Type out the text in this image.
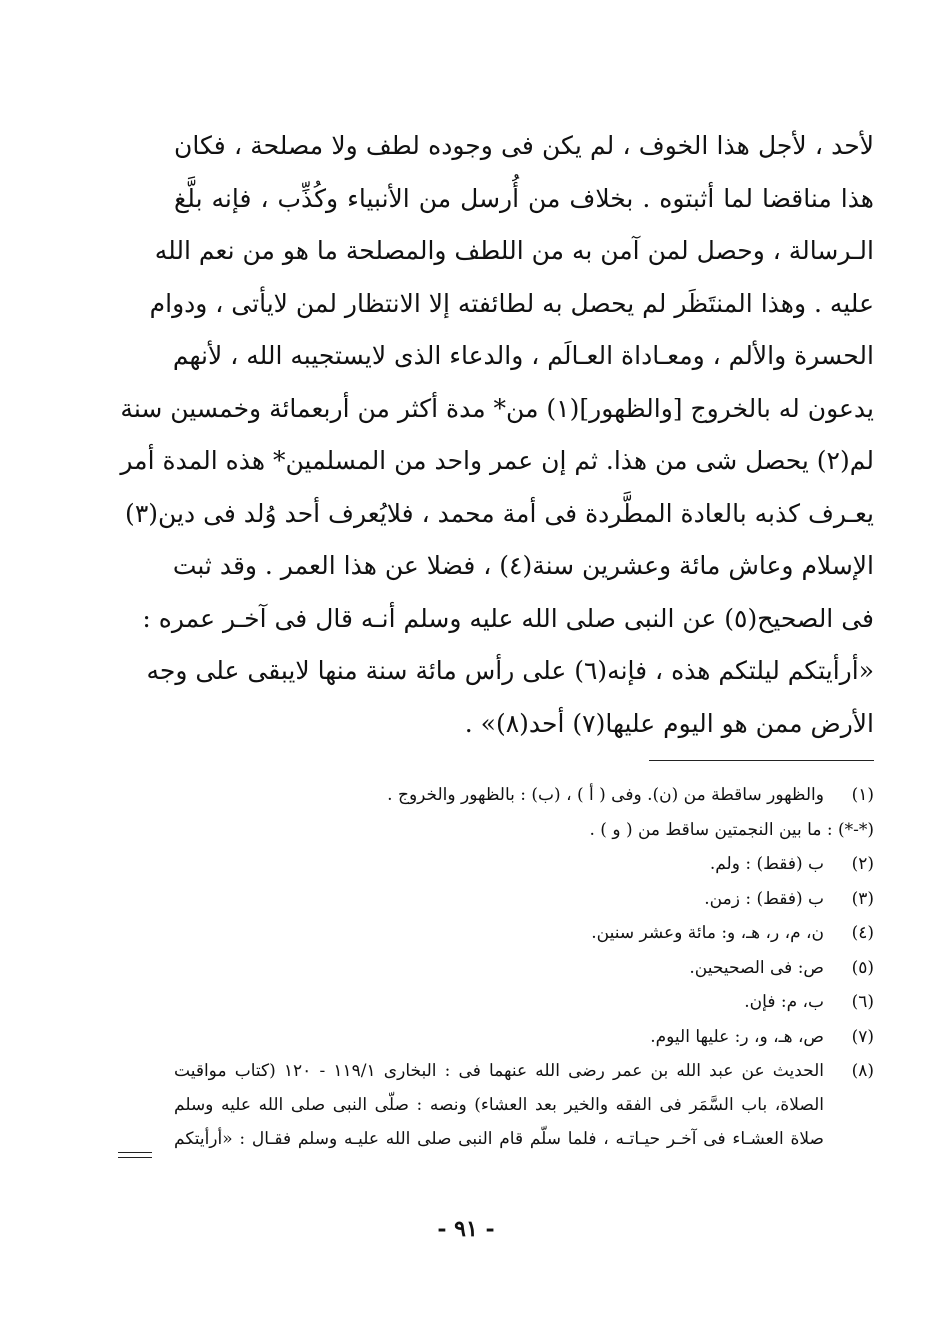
لأحد ، لأجل هذا الخوف ، لم يكن فى وجوده لطف ولا مصلحة ، فكان
هذا مناقضا لما أثبتوه . بخلاف من أُرسل من الأنبياء وكُذِّب ، فإنه بلَّغ
الـرسالة ، وحصل لمن آمن به من اللطف والمصلحة ما هو من نعم الله
عليه . وهذا المنتَظَر لم يحصل به لطائفته إلا الانتظار لمن لايأتى ، ودوام
الحسرة والألم ، ومعـاداة العـالَم ، والدعاء الذى لايستجيبه الله ، لأنهم
يدعون له بالخروج [والظهور](١) من* مدة أكثر من أربعمائة وخمسين سنة
لم(٢) يحصل شى من هذا. ثم إن عمر واحد من المسلمين* هذه المدة أمر
يعـرف كذبه بالعادة المطَّردة فى أمة محمد ، فلايُعرف أحد وُلد فى دين(٣)
الإسلام وعاش مائة وعشرين سنة(٤) ، فضلا عن هذا العمر . وقد ثبت
فى الصحيح(٥) عن النبى صلى الله عليه وسلم أنـه قال فى آخـر عمره :
«أرأيتكم ليلتكم هذه ، فإنه(٦) على رأس مائة سنة منها لايبقى على وجه
الأرض ممن هو اليوم عليها(٧) أحد(٨)» .
(١)
والظهور ساقطة من (ن). وفى ( أ ) ، (ب) : بالظهور والخروج .
(*-*) : ما بين النجمتين ساقط من ( و ) .
(٢)
ب (فقط) : ولم.
(٣)
ب (فقط) : زمن.
(٤)
ن، م، ر، هـ، و: مائة وعشر سنين.
(٥)
ص: فى الصحيحين.
(٦)
ب، م: فإن.
(٧)
ص، هـ، و، ر: عليها اليوم.
(٨)
الحديث عن عبد الله بن عمر رضى الله عنهما فى : البخارى ١١٩/١ - ١٢٠ (كتاب مواقيت
الصلاة، باب السَّمَر فى الفقه والخير بعد العشاء) ونصه : صلّى النبى صلى الله عليه وسلم
صلاة العشـاء فى آخـر حيـاتـه ، فلما سلّم قام النبى صلى الله عليـه وسلم فقـال : «أرأيتكم
- ٩١ -
